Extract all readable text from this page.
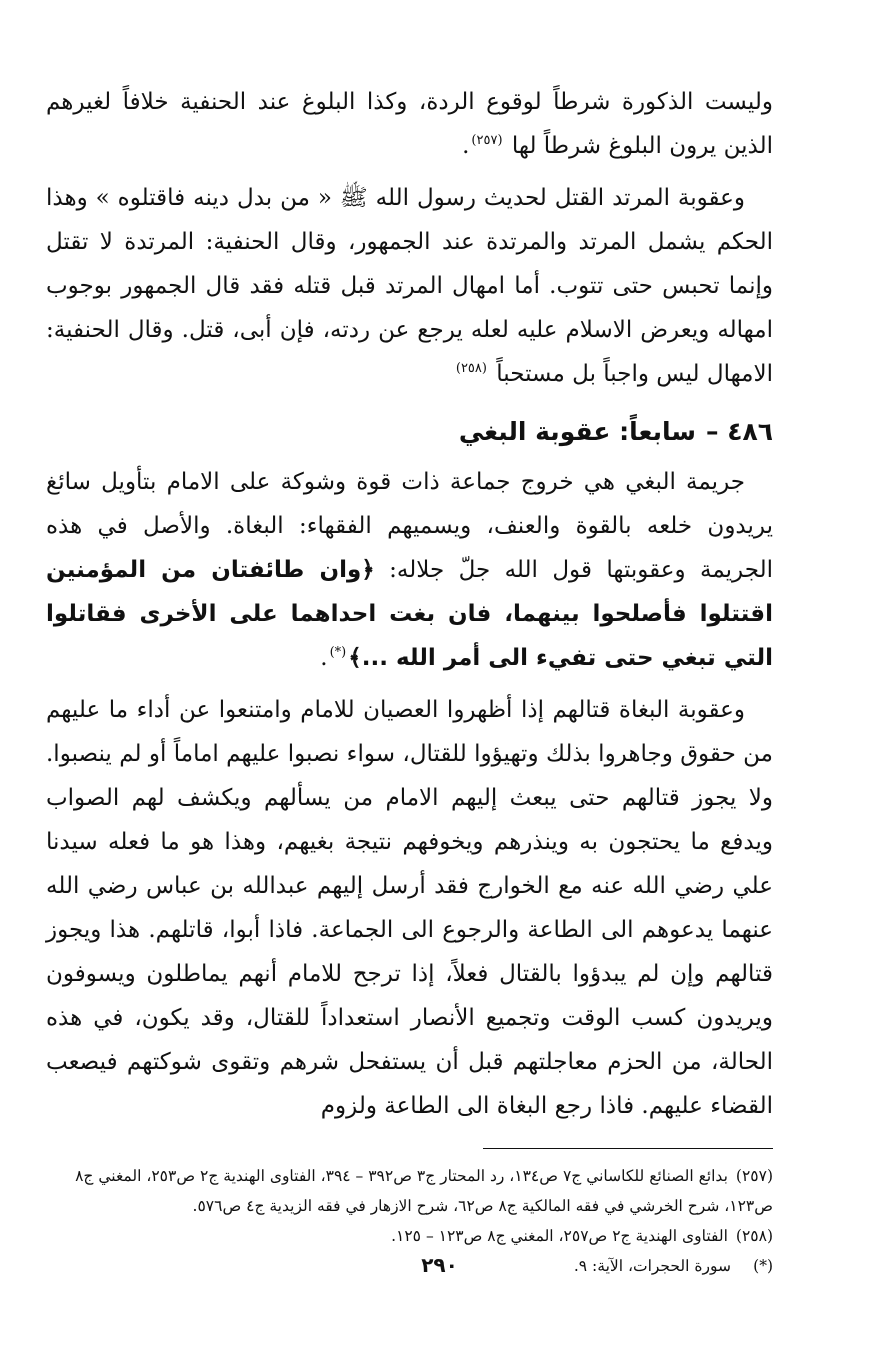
وليست الذكورة شرطاً لوقوع الردة، وكذا البلوغ عند الحنفية خلافاً لغيرهم الذين يرون البلوغ شرطاً لها $^{(٢٥٧)}$.

وعقوبة المرتد القتل لحديث رسول الله ﷺ « من بدل دينه فاقتلوه » وهذا الحكم يشمل المرتد والمرتدة عند الجمهور، وقال الحنفية: المرتدة لا تقتل وإنما تحبس حتى تتوب. أما امهال المرتد قبل قتله فقد قال الجمهور بوجوب امهاله ويعرض الاسلام عليه لعله يرجع عن ردته، فإن أبى، قتل. وقال الحنفية: الامهال ليس واجباً بل مستحباً $^{(٢٥٨)}$

٤٨٦ –سابعاً: عقوبة البغي

جريمة البغي هي خروج جماعة ذات قوة وشوكة على الامام بتأويل سائغ يريدون خلعه بالقوة والعنف، ويسميهم الفقهاء: البغاة. والأصل في هذه الجريمة وعقوبتها قول الله جلّ جلاله: ﴿وان طائفتان من المؤمنين اقتتلوا فأصلحوا بينهما، فان بغت احداهما على الأخرى فقاتلوا التي تبغي حتى تفيء الى أمر الله ...﴾(*).

وعقوبة البغاة قتالهم إذا أظهروا العصيان للامام وامتنعوا عن أداء ما عليهم من حقوق وجاهروا بذلك وتهيؤوا للقتال، سواء نصبوا عليهم اماماً أو لم ينصبوا. ولا يجوز قتالهم حتى يبعث إليهم الامام من يسألهم ويكشف لهم الصواب ويدفع ما يحتجون به وينذرهم ويخوفهم نتيجة بغيهم، وهذا هو ما فعله سيدنا علي رضي الله عنه مع الخوارج فقد أرسل إليهم عبدالله بن عباس رضي الله عنهما يدعوهم الى الطاعة والرجوع الى الجماعة. فاذا أبوا، قاتلهم. هذا ويجوز قتالهم وإن لم يبدؤوا بالقتال فعلاً، إذا ترجح للامام أنهم يماطلون ويسوفون ويريدون كسب الوقت وتجميع الأنصار استعداداً للقتال، وقد يكون، في هذه الحالة، من الحزم معاجلتهم قبل أن يستفحل شرهم وتقوى شوكتهم فيصعب القضاء عليهم. فاذا رجع البغاة الى الطاعة ولزوم

(٢٥٧)بدائع الصنائع للكاساني ج٧ ص١٣٤، رد المحتار ج٣ ص٣٩٢ – ٣٩٤، الفتاوى الهندية ج٢ ص٢٥٣، المغني ج٨ ص١٢٣، شرح الخرشي في فقه المالكية ج٨ ص٦٢، شرح الازهار في فقه الزيدية ج٤ ص٥٧٦.

(٢٥٨)الفتاوى الهندية ج٢ ص٢٥٧، المغني ج٨ ص١٢٣ – ١٢٥.

(*)سورة الحجرات، الآية: ٩.

٢٩٠
